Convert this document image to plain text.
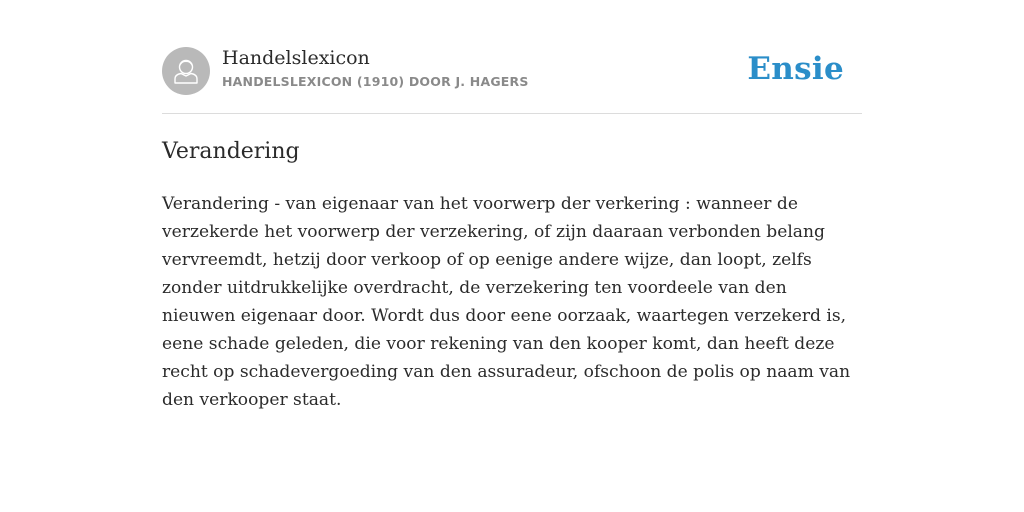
Handelslexicon
HANDELSLEXICON (1910) DOOR J. HAGERS	Ensie
Verandering

Verandering - van eigenaar van het voorwerp der verkering : wanneer de verzekerde het voorwerp der verzekering, of zijn daaraan verbonden belang vervreemdt, hetzij door verkoop of op eenige andere wijze, dan loopt, zelfs zonder uitdrukkelijke overdracht, de verzekering ten voordeele van den nieuwen eigenaar door. Wordt dus door eene oorzaak, waartegen verzekerd is, eene schade geleden, die voor rekening van den kooper komt, dan heeft deze recht op schadevergoeding van den assuradeur, ofschoon de polis op naam van den verkooper staat.
